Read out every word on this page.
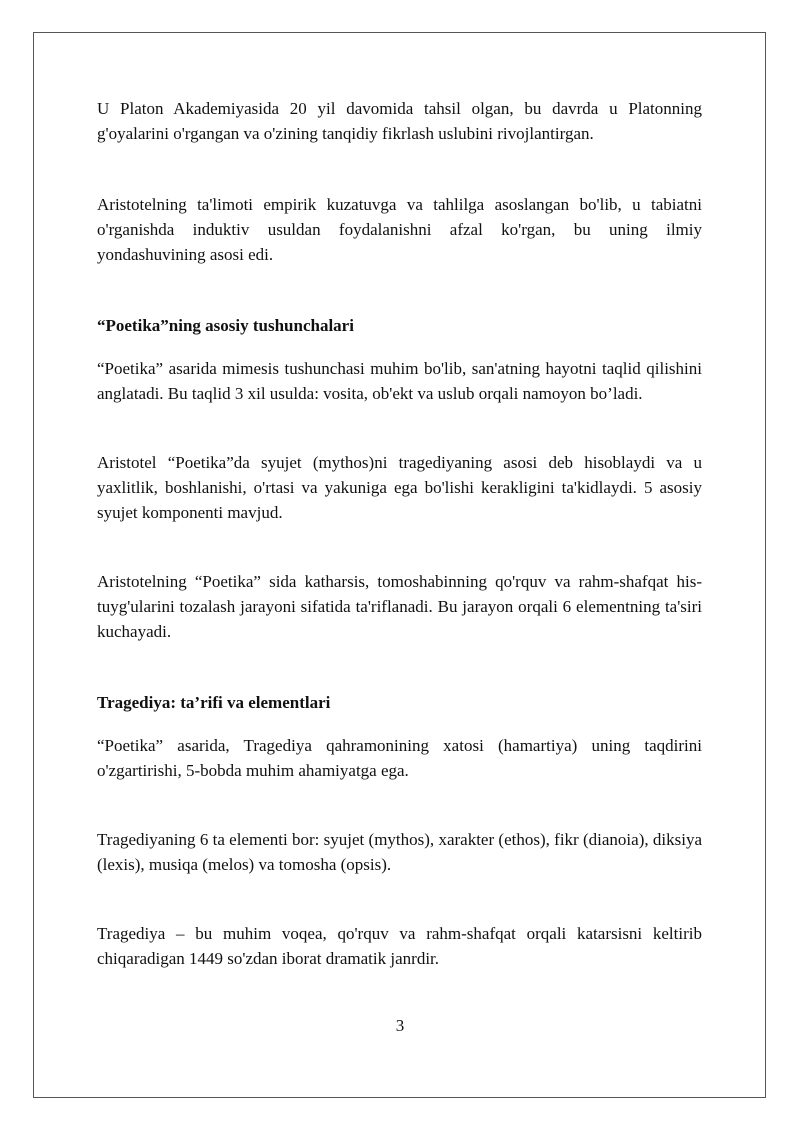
U Platon Akademiyasida 20 yil davomida tahsil olgan, bu davrda u Platonning g'oyalarini o'rgangan va o'zining tanqidiy fikrlash uslubini rivojlantirgan.

Aristotelning ta'limoti empirik kuzatuvga va tahlilga asoslangan bo'lib, u tabiatni o'rganishda induktiv usuldan foydalanishni afzal ko'rgan, bu uning ilmiy yondashuvining asosi edi.

“Poetika”ning asosiy tushunchalari

“Poetika” asarida mimesis tushunchasi muhim bo'lib, san'atning hayotni taqlid qilishini anglatadi. Bu taqlid 3 xil usulda: vosita, ob'ekt va uslub orqali namoyon bo’ladi.

Aristotel “Poetika”da syujet (mythos)ni tragediyaning asosi deb hisoblaydi va u yaxlitlik, boshlanishi, o'rtasi va yakuniga ega bo'lishi kerakligini ta'kidlaydi. 5 asosiy syujet komponenti mavjud.

Aristotelning “Poetika” sida katharsis, tomoshabinning qo'rquv va rahm-shafqat his-tuyg'ularini tozalash jarayoni sifatida ta'riflanadi. Bu jarayon orqali 6 elementning ta'siri kuchayadi.

Tragediya: ta’rifi va elementlari

“Poetika” asarida, Tragediya qahramonining xatosi (hamartiya) uning taqdirini o'zgartirishi, 5-bobda muhim ahamiyatga ega.

Tragediyaning 6 ta elementi bor: syujet (mythos), xarakter (ethos), fikr (dianoia), diksiya (lexis), musiqa (melos) va tomosha (opsis).

Tragediya – bu muhim voqea, qo'rquv va rahm-shafqat orqali katarsisni keltirib chiqaradigan 1449 so'zdan iborat dramatik janrdir.

3
